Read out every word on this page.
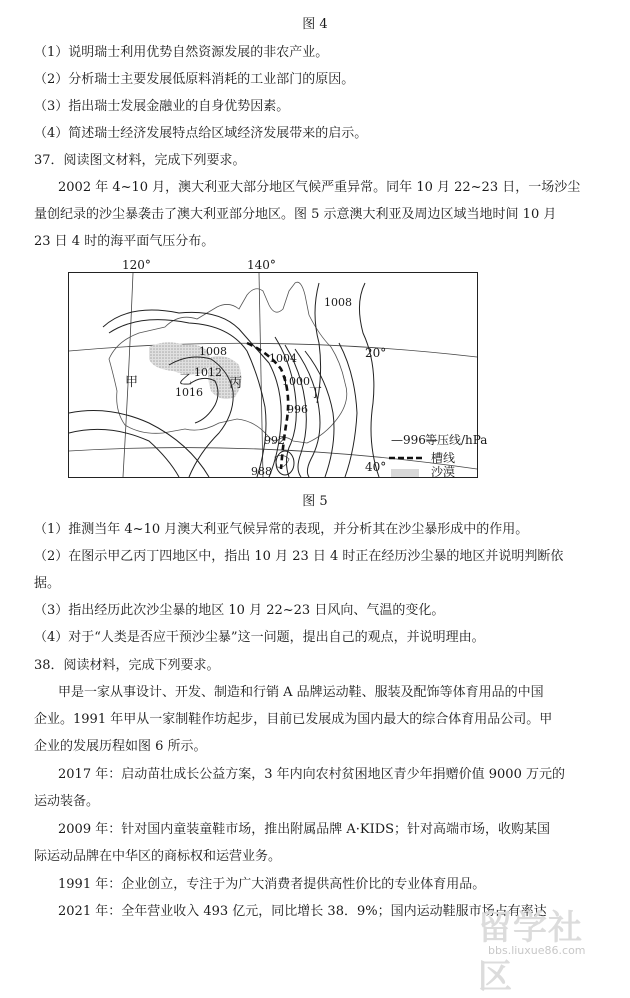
图 4
（1）说明瑞士利用优势自然资源发展的非农产业。
（2）分析瑞士主要发展低原料消耗的工业部门的原因。
（3）指出瑞士发展金融业的自身优势因素。
（4）简述瑞士经济发展特点给区域经济发展带来的启示。
37．阅读图文材料，完成下列要求。
2002 年 4~10 月，澳大利亚大部分地区气候严重异常。同年 10 月 22~23 日，一场沙尘
量创纪录的沙尘暴袭击了澳大利亚部分地区。图 5 示意澳大利亚及周边区域当地时间 10 月
23 日 4 时的海平面气压分布。
120°	140°
1008
1008
1012
1016
1004
1000
996
992
988
甲	乙	丙
丁
20°
40°
—996—
等压线/hPa
槽线
沙漠
图 5
（1）推测当年 4~10 月澳大利亚气候异常的表现，并分析其在沙尘暴形成中的作用。
（2）在图示甲乙丙丁四地区中，指出 10 月 23 日 4 时正在经历沙尘暴的地区并说明判断依
据。
（3）指出经历此次沙尘暴的地区 10 月 22~23 日风向、气温的变化。
（4）对于“人类是否应干预沙尘暴”这一问题，提出自己的观点，并说明理由。
38．阅读材料，完成下列要求。
甲是一家从事设计、开发、制造和行销 A 品牌运动鞋、服装及配饰等体育用品的中国
企业。1991 年甲从一家制鞋作坊起步，目前已发展成为国内最大的综合体育用品公司。甲
企业的发展历程如图 6 所示。
2017 年：启动苗壮成长公益方案，3 年内向农村贫困地区青少年捐赠价值 9000 万元的
运动装备。
2009 年：针对国内童装童鞋市场，推出附属品牌 A·KIDS；针对高端市场，收购某国
际运动品牌在中华区的商标权和运营业务。
1991 年：企业创立，专注于为广大消费者提供高性价比的专业体育用品。
2021 年：全年营业收入 493 亿元，同比增长 38．9%；国内运动鞋服市场占有率达
留学社区
bbs.liuxue86.com
